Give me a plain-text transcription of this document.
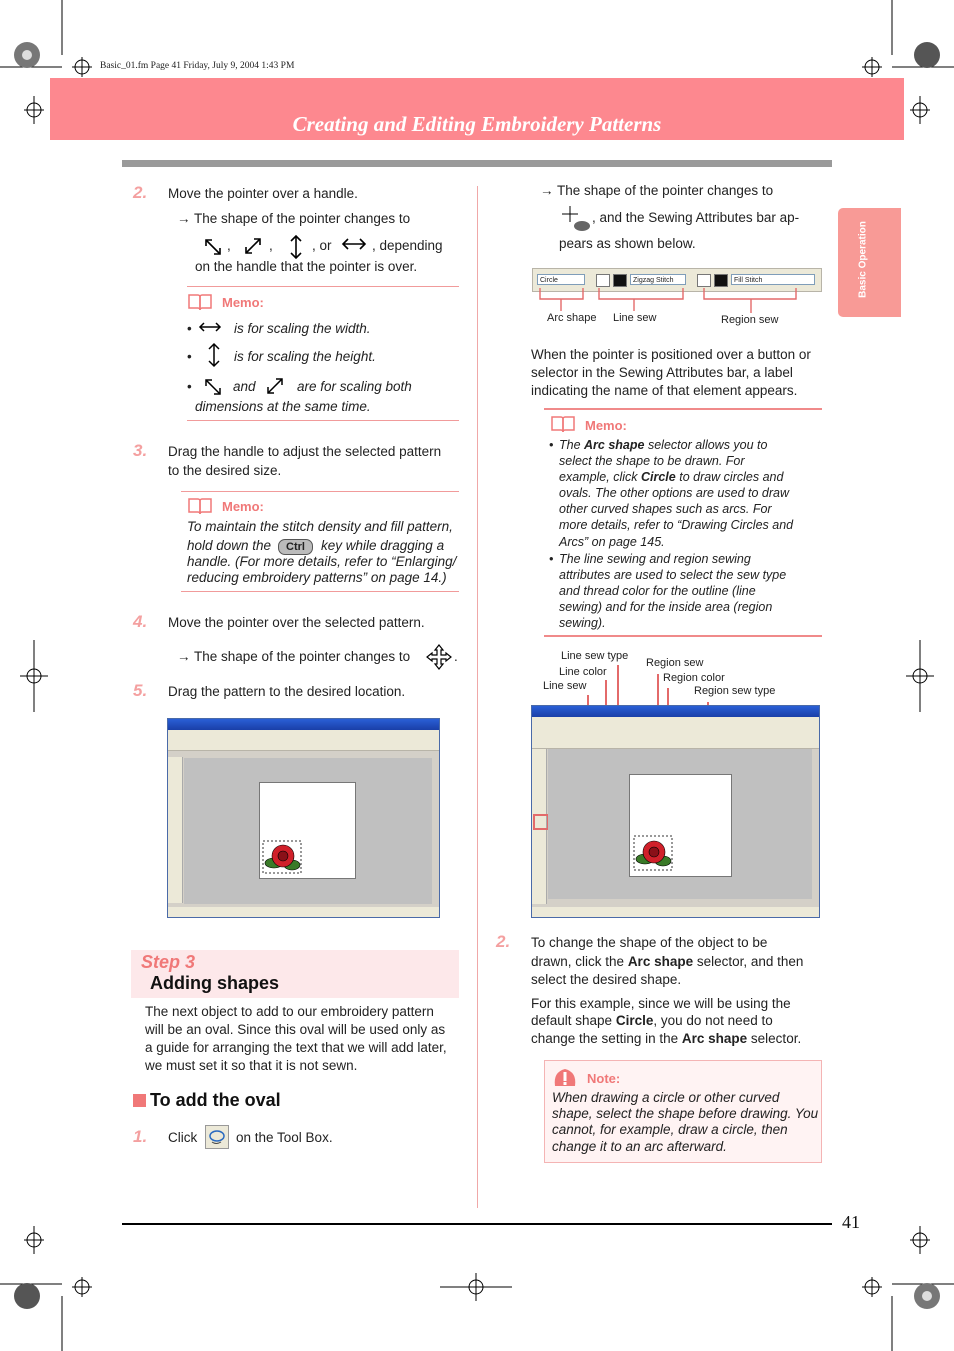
Basic_01.fm Page 41 Friday, July 9, 2004 1:43 PM
Creating and Editing Embroidery Patterns
Basic Operation
2. Move the pointer over a handle.
→ The shape of the pointer changes to
,	,	, or	, depending
on the handle that the pointer is over.
Memo:
•	is for scaling the width.
•	is for scaling the height.
•	and	are for scaling both
dimensions at the same time.
3. Drag the handle to adjust the selected pattern
to the desired size.
Memo:
To maintain the stitch density and fill pattern,
hold down the	Ctrl	key while dragging a
handle. (For more details, refer to “Enlarging/
reducing embroidery patterns” on page 14.)
4. Move the pointer over the selected pattern.
→ The shape of the pointer changes to	.
5. Drag the pattern to the desired location.
Step 3
Adding shapes
The next object to add to our embroidery pattern
will be an oval. Since this oval will be used only as
a guide for arranging the text that we will add later,
we must set it so that it is not sewn.
To add the oval
1. Click	on the Tool Box.
→ The shape of the pointer changes to
, and the Sewing Attributes bar ap-
pears as shown below.
Circle	Zigzag Stitch	Fill Stitch
Arc shape Line sew	Region sew
When the pointer is positioned over a button or
selector in the Sewing Attributes bar, a label
indicating the name of that element appears.
Memo:
• The Arc shape selector allows you to
select the shape to be drawn. For
example, click Circle to draw circles and
ovals. The other options are used to draw
other curved shapes such as arcs. For
more details, refer to “Drawing Circles and
Arcs” on page 145.
• The line sewing and region sewing
attributes are used to select the sew type
and thread color for the outline (line
sewing) and for the inside area (region
sewing).
Line sew type
Line color
Line sew
Region sew
Region color
Region sew type
2. To change the shape of the object to be
drawn, click the Arc shape selector, and then
select the desired shape.
For this example, since we will be using the
default shape Circle, you do not need to
change the setting in the Arc shape selector.
Note:
When drawing a circle or other curved
shape, select the shape before drawing. You
cannot, for example, draw a circle, then
change it to an arc afterward.
41
